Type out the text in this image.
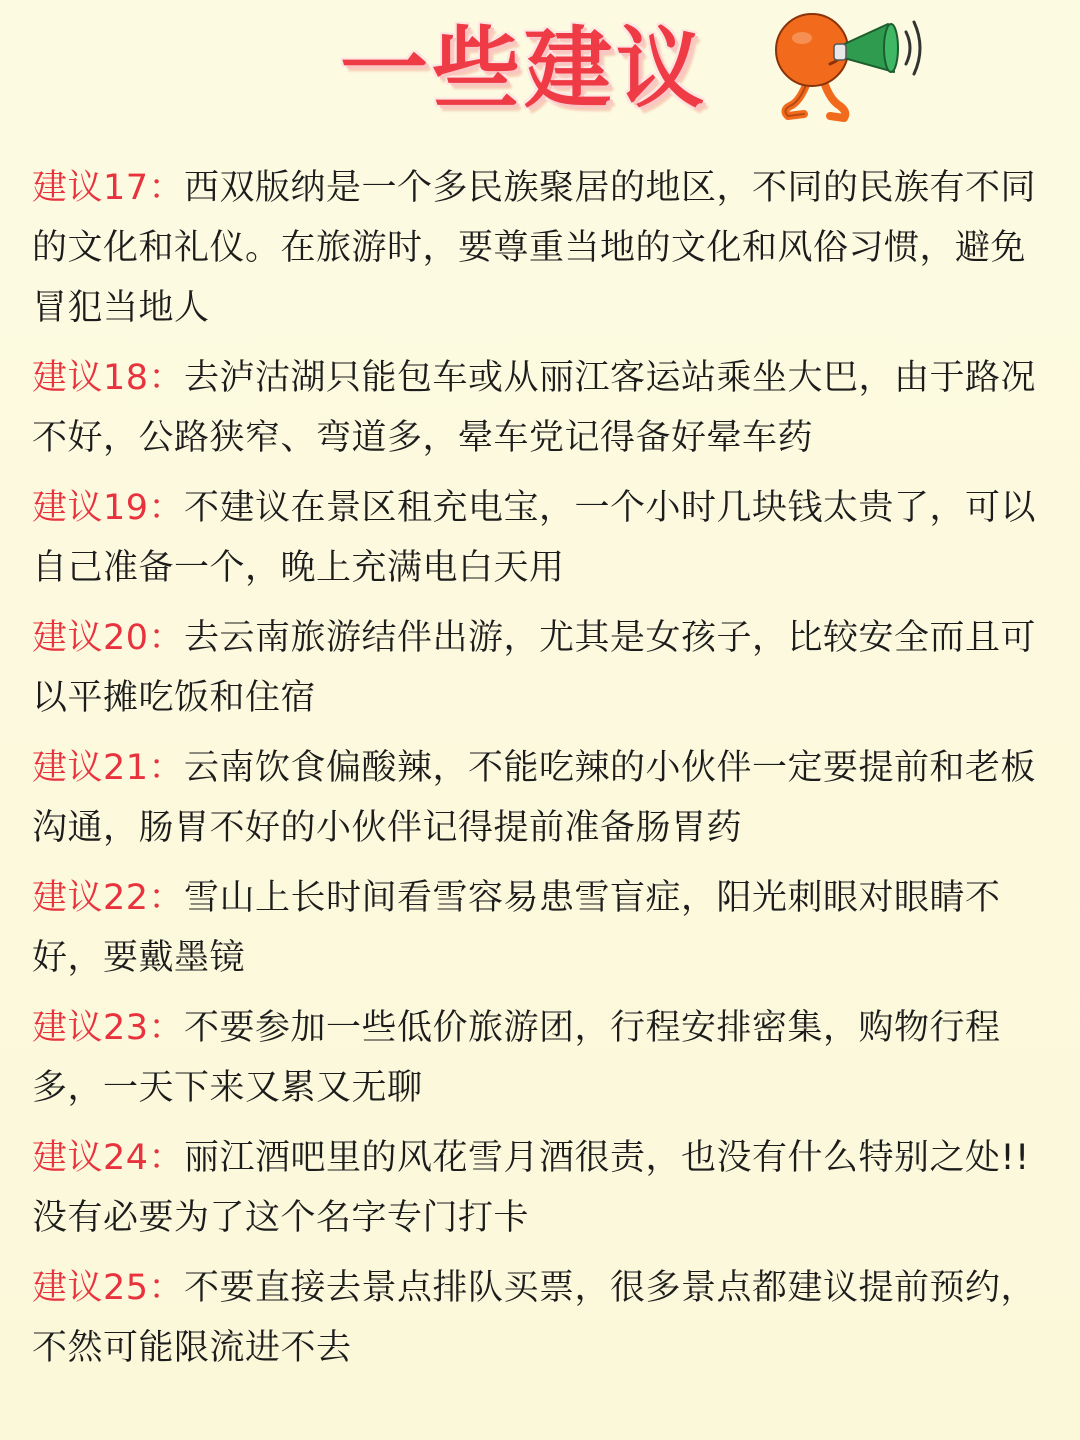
一些建议

建议17：西双版纳是一个多民族聚居的地区，不同的民族有不同的文化和礼仪。在旅游时，要尊重当地的文化和风俗习惯，避免冒犯当地人

建议18：去泸沽湖只能包车或从丽江客运站乘坐大巴，由于路况不好，公路狭窄、弯道多，晕车党记得备好晕车药

建议19：不建议在景区租充电宝，一个小时几块钱太贵了，可以自己准备一个，晚上充满电白天用

建议20：去云南旅游结伴出游，尤其是女孩子，比较安全而且可以平摊吃饭和住宿

建议21：云南饮食偏酸辣，不能吃辣的小伙伴一定要提前和老板沟通，肠胃不好的小伙伴记得提前准备肠胃药

建议22：雪山上长时间看雪容易患雪盲症，阳光刺眼对眼睛不好，要戴墨镜

建议23：不要参加一些低价旅游团，行程安排密集，购物行程多，一天下来又累又无聊

建议24：丽江酒吧里的风花雪月酒很责，也没有什么特别之处!!没有必要为了这个名字专门打卡

建议25：不要直接去景点排队买票，很多景点都建议提前预约，不然可能限流进不去
